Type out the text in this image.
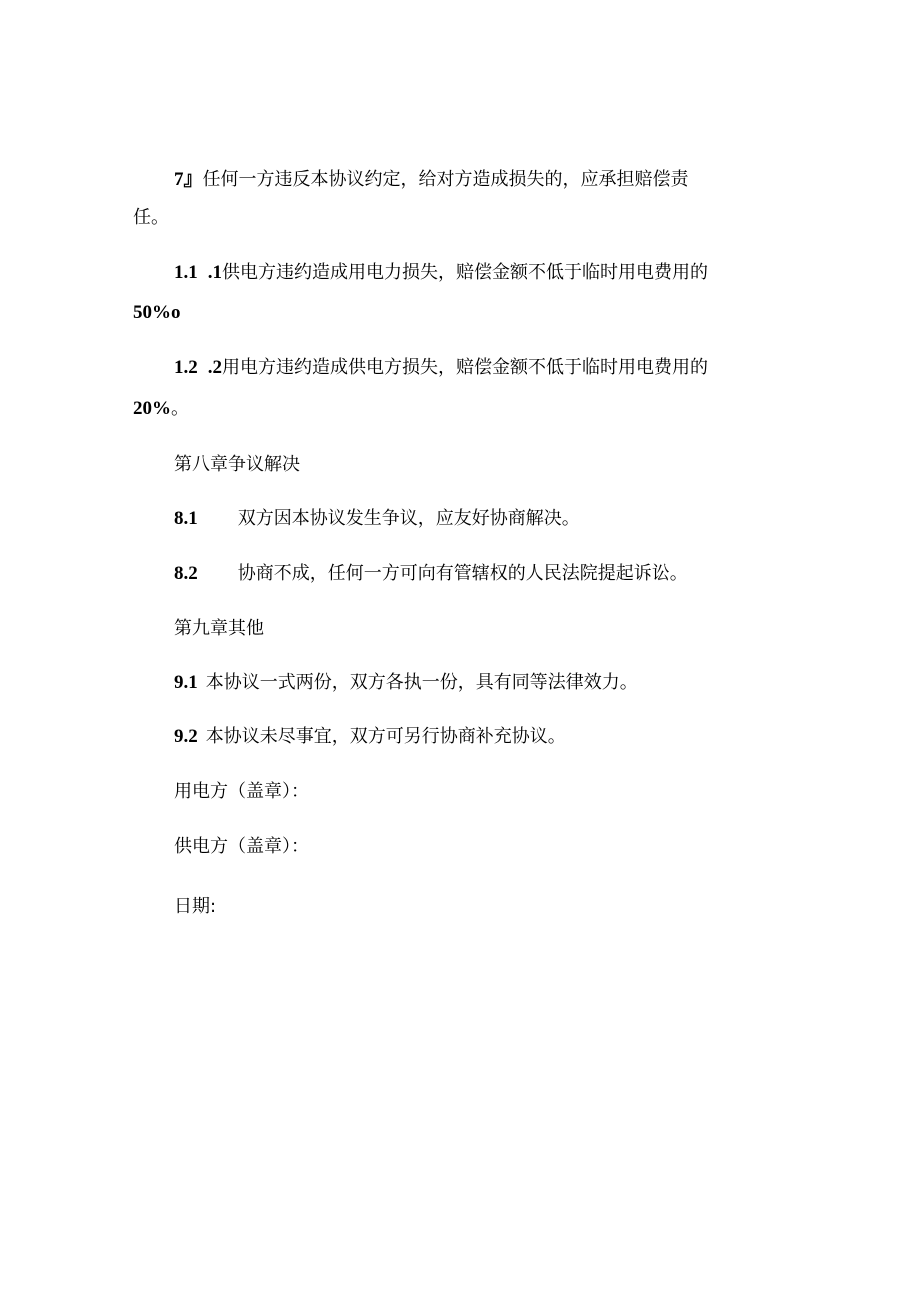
7』任何一方违反本协议约定，给对方造成损失的，应承担赔偿责
任。
1.1 .1供电方违约造成用电力损失，赔偿金额不低于临时用电费用的
50%o
1.2 .2用电方违约造成供电方损失，赔偿金额不低于临时用电费用的
20%。
第八章争议解决
8.1 双方因本协议发生争议，应友好协商解决。
8.2 协商不成，任何一方可向有管辖权的人民法院提起诉讼。
第九章其他
9.1 本协议一式两份，双方各执一份，具有同等法律效力。
9.2 本协议未尽事宜，双方可另行协商补充协议。
用电方（盖章）：
供电方（盖章）：
日期:
